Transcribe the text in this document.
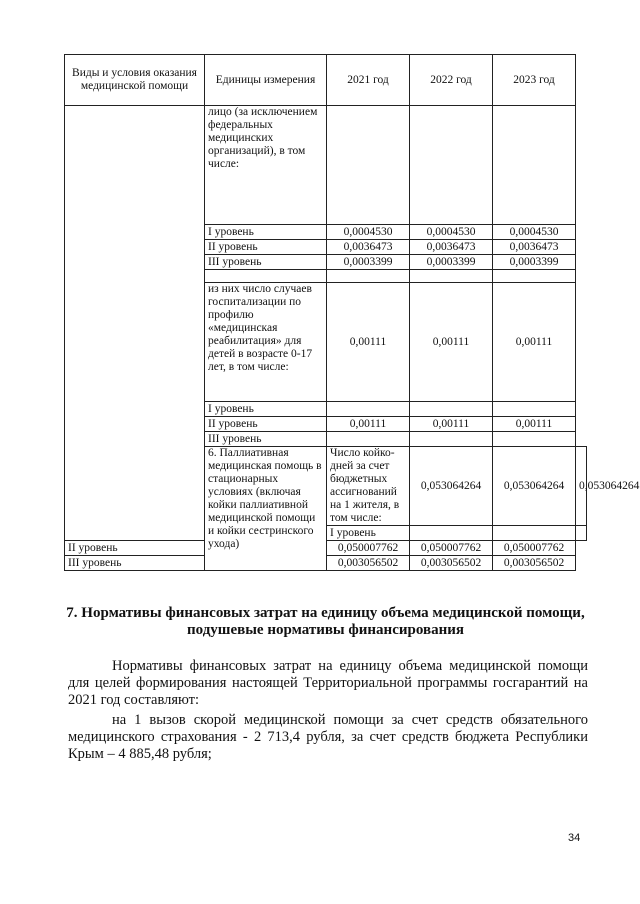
Виды и условия оказания медицинской помощи	Единицы измерения	2021 год	2022 год	2023 год	
	лицо (за исключением федеральных медицинских организаций), в том числе:				
	I уровень	0,0004530	0,0004530	0,0004530	
	II уровень	0,0036473	0,0036473	0,0036473	
	III уровень	0,0003399	0,0003399	0,0003399	

	из них число случаев госпитализации по профилю «медицинская реабилитация» для детей в возрасте 0-17 лет, в том числе:	0,00111	0,00111	0,00111	
	I уровень				
	II уровень	0,00111	0,00111	0,00111	
	III уровень				
	6. Паллиативная медицинская помощь в стационарных условиях (включая койки паллиативной медицинской помощи и койки сестринского ухода)	Число койко-дней за счет бюджетных ассигнований на 1 жителя, в том числе:	0,053064264	0,053064264	0,053064264
		I уровень			
II уровень		0,050007762	0,050007762	0,050007762	
III уровень		0,003056502	0,003056502	0,003056502	
7. Нормативы финансовых затрат на единицу объема медицинской помощи, подушевые нормативы финансирования
Нормативы финансовых затрат на единицу объема медицинской помощи для целей формирования настоящей Территориальной программы госгарантий на 2021 год составляют:
на 1 вызов скорой медицинской помощи за счет средств обязательного медицинского страхования - 2 713,4 рубля, за счет средств бюджета Республики Крым – 4 885,48 рубля;
34
